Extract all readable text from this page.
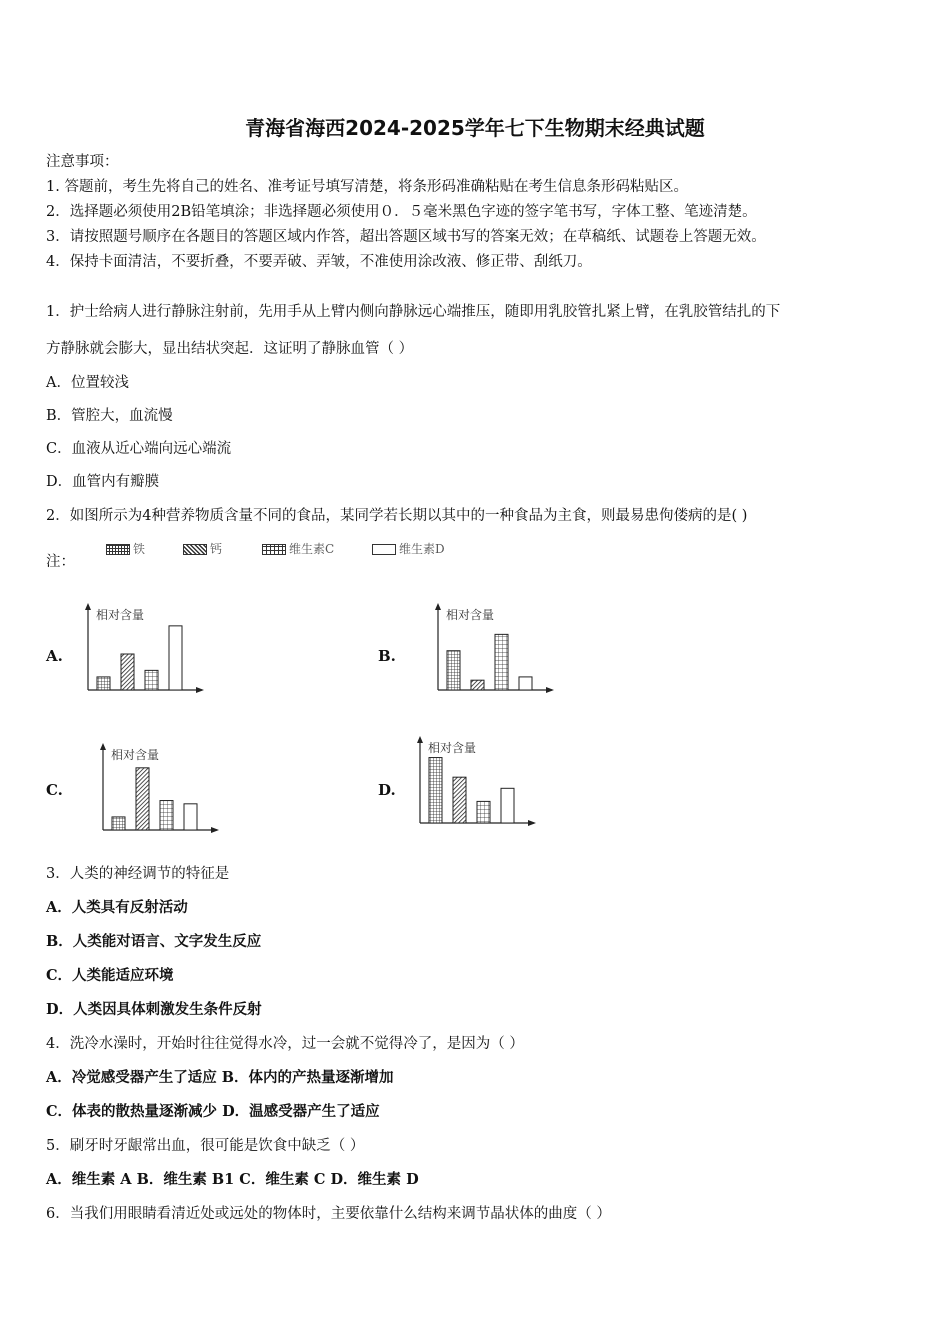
青海省海西2024-2025学年七下生物期末经典试题
注意事项：
1. 答题前，考生先将自己的姓名、准考证号填写清楚，将条形码准确粘贴在考生信息条形码粘贴区。
2．选择题必须使用2B铅笔填涂；非选择题必须使用０．５毫米黑色字迹的签字笔书写，字体工整、笔迹清楚。
3．请按照题号顺序在各题目的答题区域内作答，超出答题区域书写的答案无效；在草稿纸、试题卷上答题无效。
4．保持卡面清洁，不要折叠，不要弄破、弄皱，不准使用涂改液、修正带、刮纸刀。
1．护士给病人进行静脉注射前，先用手从上臂内侧向静脉远心端推压，随即用乳胶管扎紧上臂，在乳胶管结扎的下
方静脉就会膨大，显出结状突起．这证明了静脉血管（ ）
A．位置较浅
B．管腔大，血流慢
C．血液从近心端向远心端流
D．血管内有瓣膜
2．如图所示为4种营养物质含量不同的食品，某同学若长期以其中的一种食品为主食，则最易患佝偻病的是( )
注：
铁	钙	维生素C	维生素D
A.	B.
C.	D.
相对含量	相对含量
相对含量	相对含量
3．人类的神经调节的特征是
A．人类具有反射活动
B．人类能对语言、文字发生反应
C．人类能适应环境
D．人类因具体刺激发生条件反射
4．洗冷水澡时，开始时往往觉得水冷，过一会就不觉得冷了，是因为（ ）
A．冷觉感受器产生了适应 B．体内的产热量逐渐增加
C．体表的散热量逐渐减少 D．温感受器产生了适应
5．刷牙时牙龈常出血，很可能是饮食中缺乏（ ）
A．维生素 A B．维生素 B1 C．维生素 C D．维生素 D
6．当我们用眼睛看清近处或远处的物体时，主要依靠什么结构来调节晶状体的曲度（ ）
